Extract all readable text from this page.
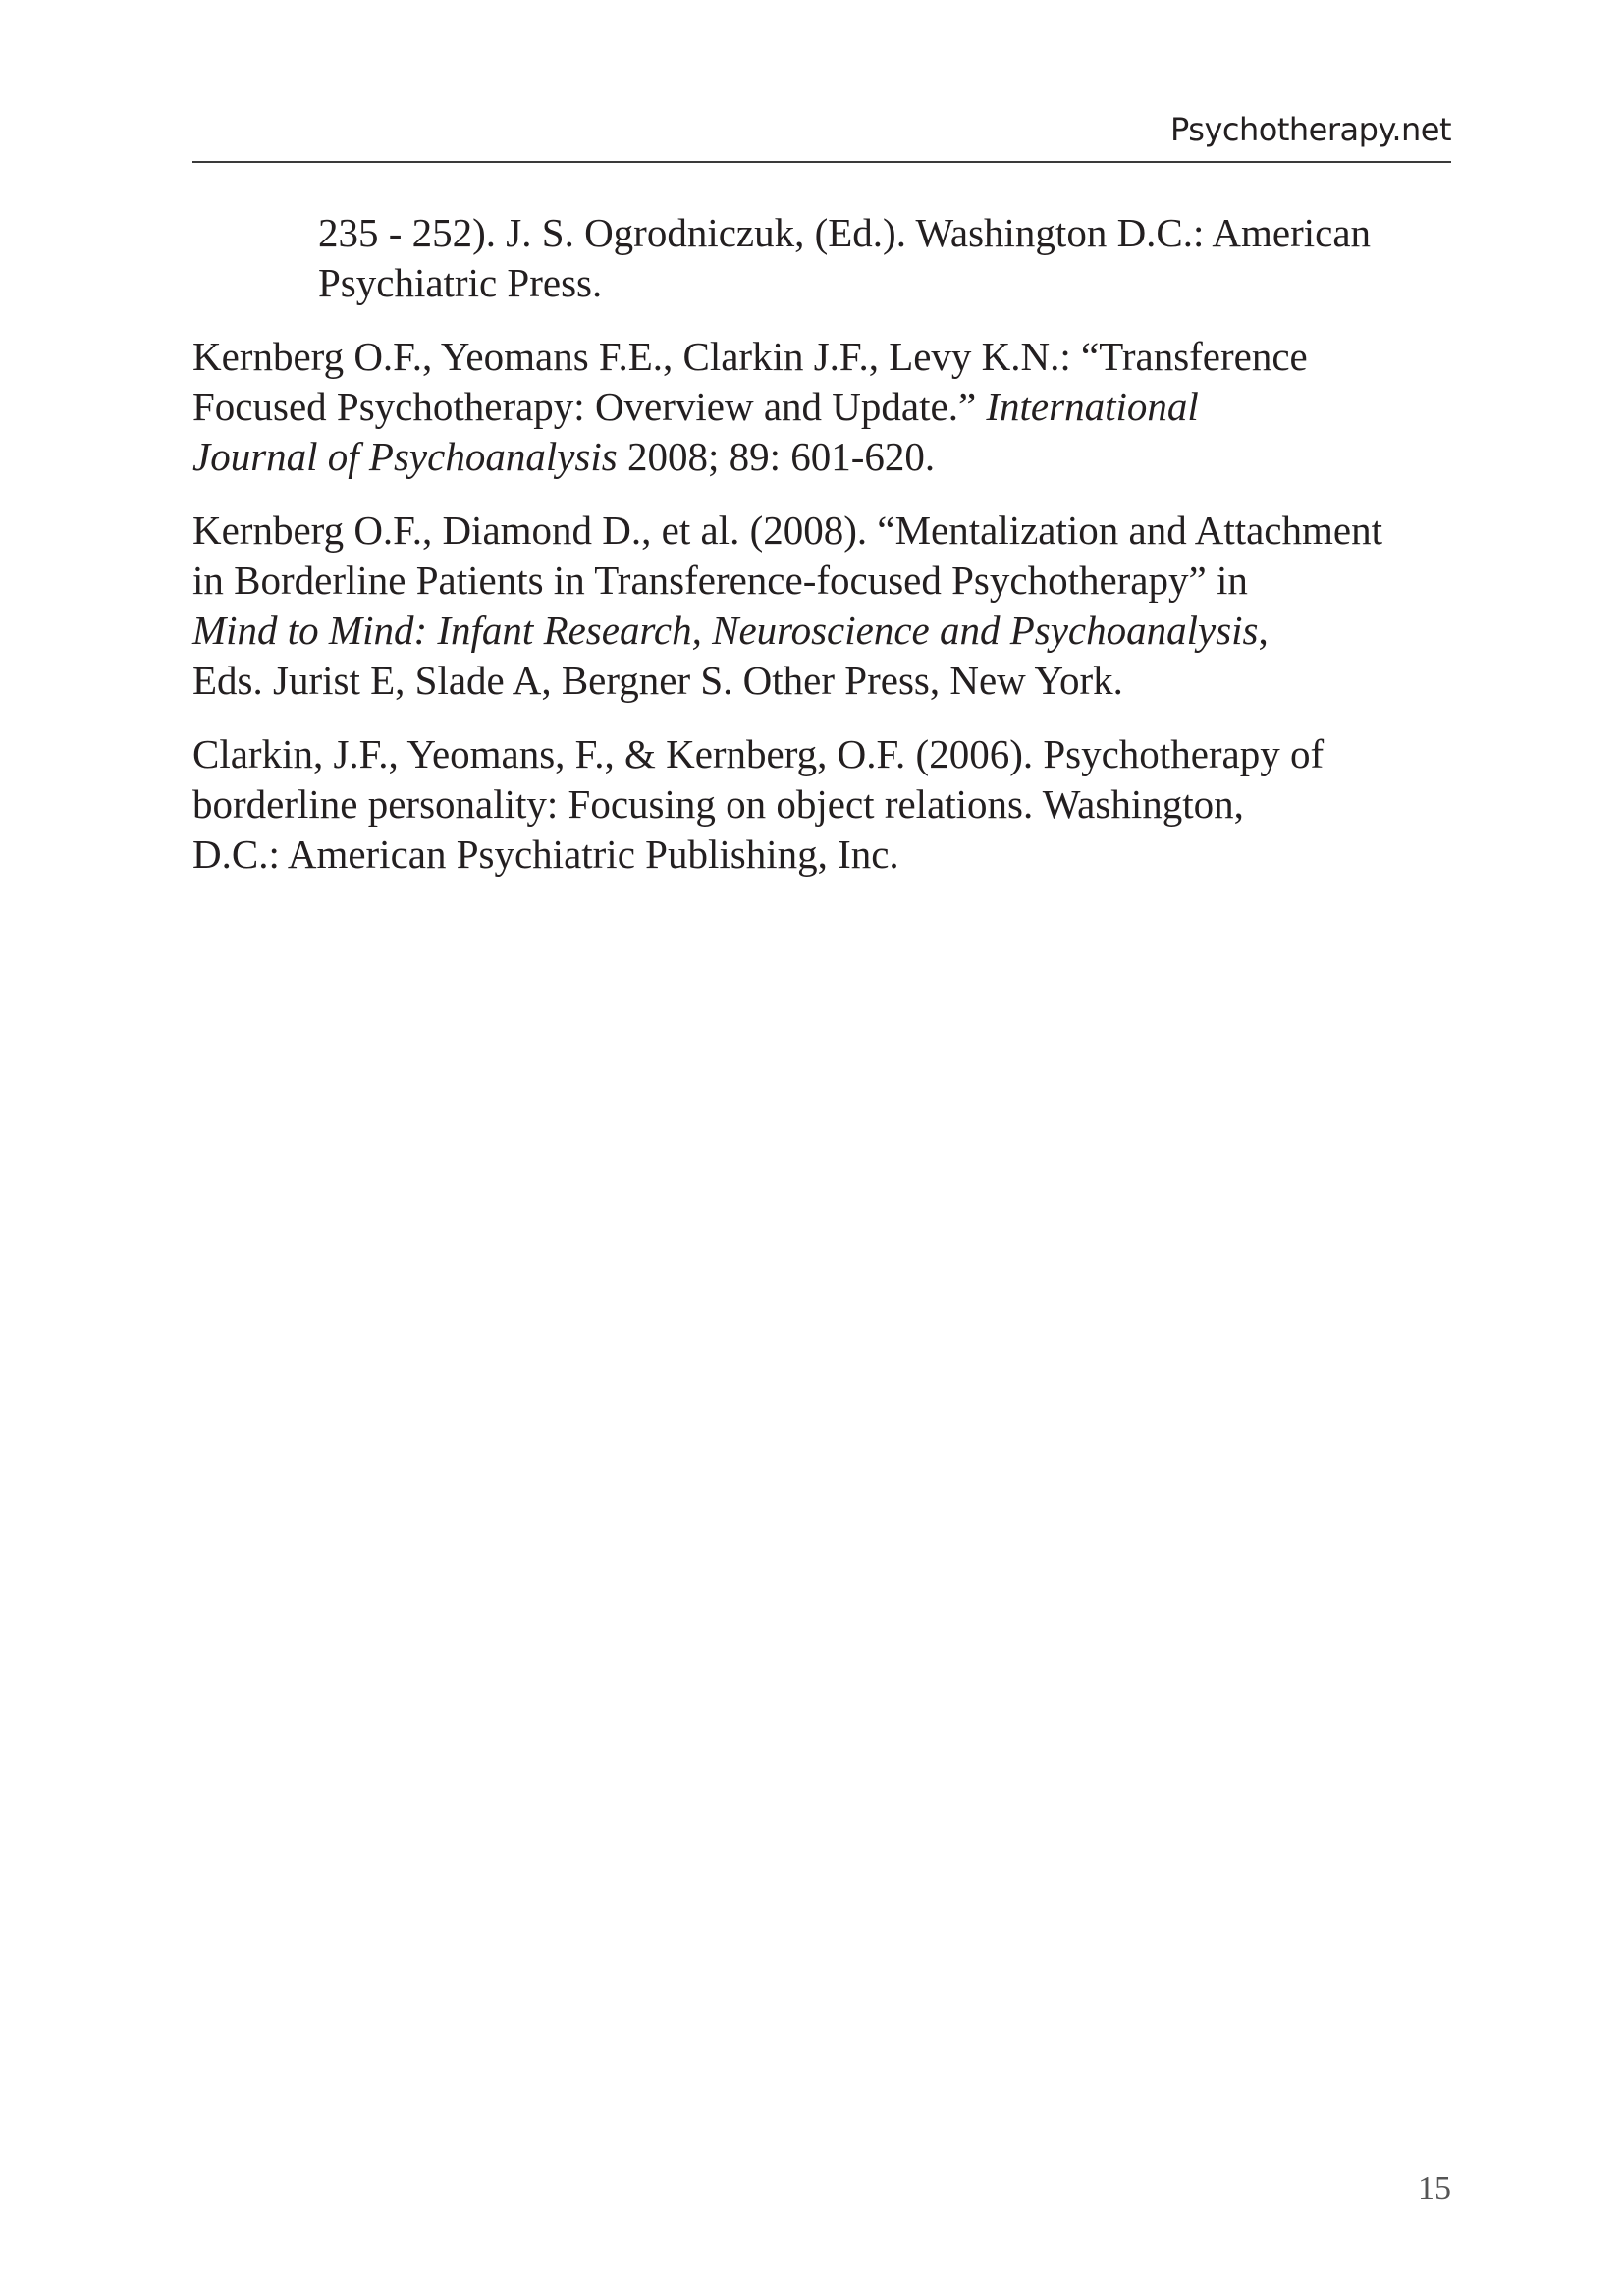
Psychotherapy.net
235 - 252). J. S. Ogrodniczuk, (Ed.). Washington D.C.: American
Psychiatric Press.
Kernberg O.F., Yeomans F.E., Clarkin J.F., Levy K.N.: “Transference
Focused Psychotherapy: Overview and Update.” International
Journal of Psychoanalysis 2008; 89: 601-620.
Kernberg O.F., Diamond D., et al. (2008). “Mentalization and Attachment
in Borderline Patients in Transference-focused Psychotherapy” in
Mind to Mind: Infant Research, Neuroscience and Psychoanalysis,
Eds. Jurist E, Slade A, Bergner S. Other Press, New York.
Clarkin, J.F., Yeomans, F., & Kernberg, O.F. (2006). Psychotherapy of
borderline personality: Focusing on object relations. Washington,
D.C.: American Psychiatric Publishing, Inc.
15
